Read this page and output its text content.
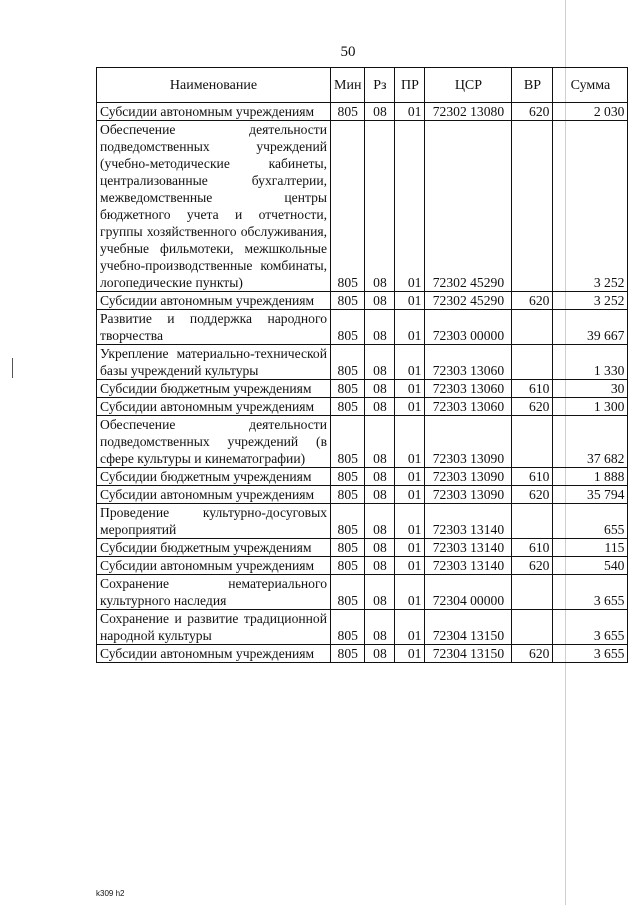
50
Наименование	Мин	Рз	ПР	ЦСР	ВР	Сумма
Субсидии автономным учреждениям	805	08	01	72302 13080	620	2 030
Обеспечение деятельности подведомственных учреждений (учебно-методические кабинеты, централизованные бухгалтерии, межведомственные центры бюджетного учета и отчетности, группы хозяйственного обслуживания, учебные фильмотеки, межшкольные учебно-производственные комбинаты, логопедические пункты)	805	08	01	72302 45290		3 252
Субсидии автономным учреждениям	805	08	01	72302 45290	620	3 252
Развитие и поддержка народного творчества	805	08	01	72303 00000		39 667
Укрепление материально-технической базы учреждений культуры	805	08	01	72303 13060		1 330
Субсидии бюджетным учреждениям	805	08	01	72303 13060	610	30
Субсидии автономным учреждениям	805	08	01	72303 13060	620	1 300
Обеспечение деятельности подведомственных учреждений (в сфере культуры и кинематографии)	805	08	01	72303 13090		37 682
Субсидии бюджетным учреждениям	805	08	01	72303 13090	610	1 888
Субсидии автономным учреждениям	805	08	01	72303 13090	620	35 794
Проведение культурно-досуговых мероприятий	805	08	01	72303 13140		655
Субсидии бюджетным учреждениям	805	08	01	72303 13140	610	115
Субсидии автономным учреждениям	805	08	01	72303 13140	620	540
Сохранение нематериального культурного наследия	805	08	01	72304 00000		3 655
Сохранение и развитие традиционной народной культуры	805	08	01	72304 13150		3 655
Субсидии автономным учреждениям	805	08	01	72304 13150	620	3 655
k309 h2
